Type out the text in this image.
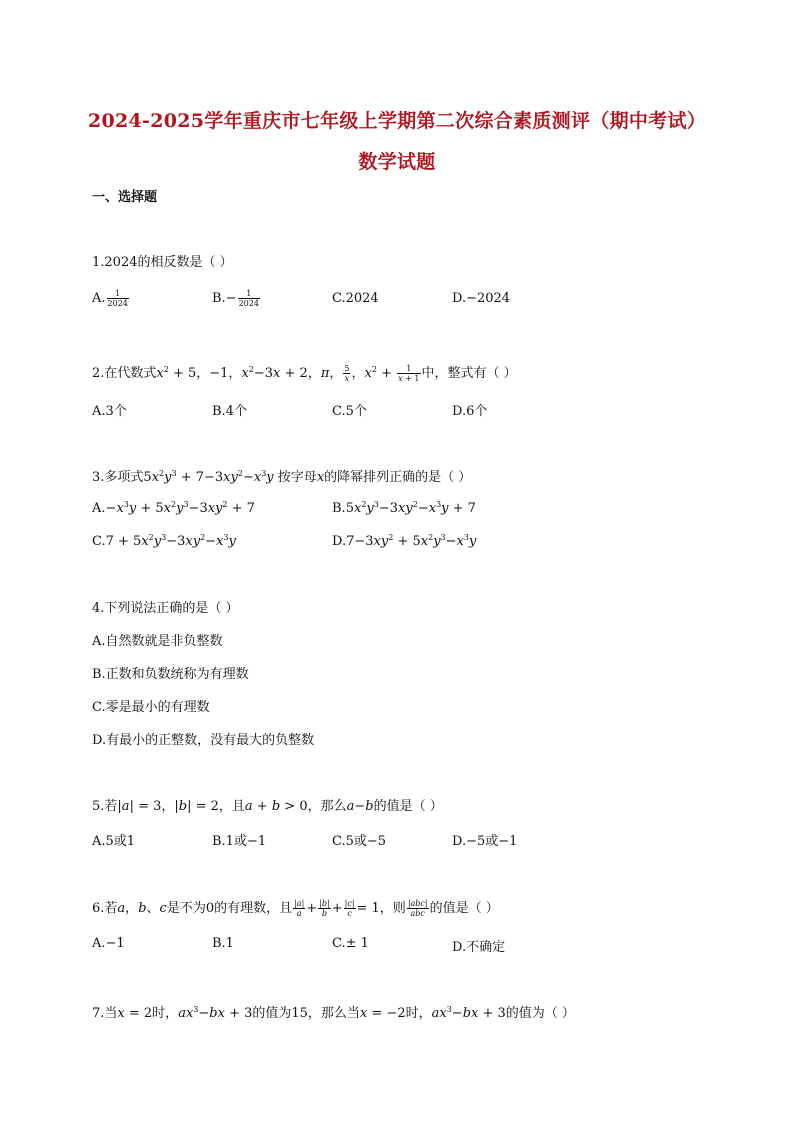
2024-2025学年重庆市七年级上学期第二次综合素质测评（期中考试）
数学试题
一、选择题
1.2024的相反数是（ ）
A. $\frac{1}{2024}$	$B.- \frac{1}{2024}$	C.2024	D.−2024
2.在代数式$x^2 + 5$，−1，$x^2-3x + 2$，π， $\frac{5}{x}$ ，$x^2 + \frac{1}{x + 1}$ 中，整式有（ ）
A.3个	B.4个	C.5个	D.6个
3.多项式$5x^2y^3 + 7-3xy^2-x^3y$ 按字母x的降幂排列正确的是（ ）
$A.-x^3y + 5x^2y^3-3xy^2 + 7$	$B.5x^2y^3-3xy^2-x^3y + 7$
$C.7 + 5x^2y^3-3xy^2-x^3y$	$D.7-3xy^2 + 5x^2y^3-x^3y$
4.下列说法正确的是（ ）
A.自然数就是非负整数
B.正数和负数统称为有理数
C.零是最小的有理数
D.有最小的正整数，没有最大的负整数
5.若|a| = 3，|b| = 2，且a + b > 0，那么a−b的值是（ ）
A.5或1	B.1或−1	C.5或−5	D.−5或−1
6.若a，b、c是不为0的有理数，且 $\frac{|a|}{a} + \frac{|b|}{b} + \frac{|c|}{c} = 1$，则 $\frac{\text{|abc|}}{\text{abc}}$ 的值是（ ）
A.−1	B.1	C.± 1	D.不确定
7.当x = 2时，$ax^3-bx + 3$的值为15，那么当x = −2时，$ax^3-bx + 3$的值为（ ）
